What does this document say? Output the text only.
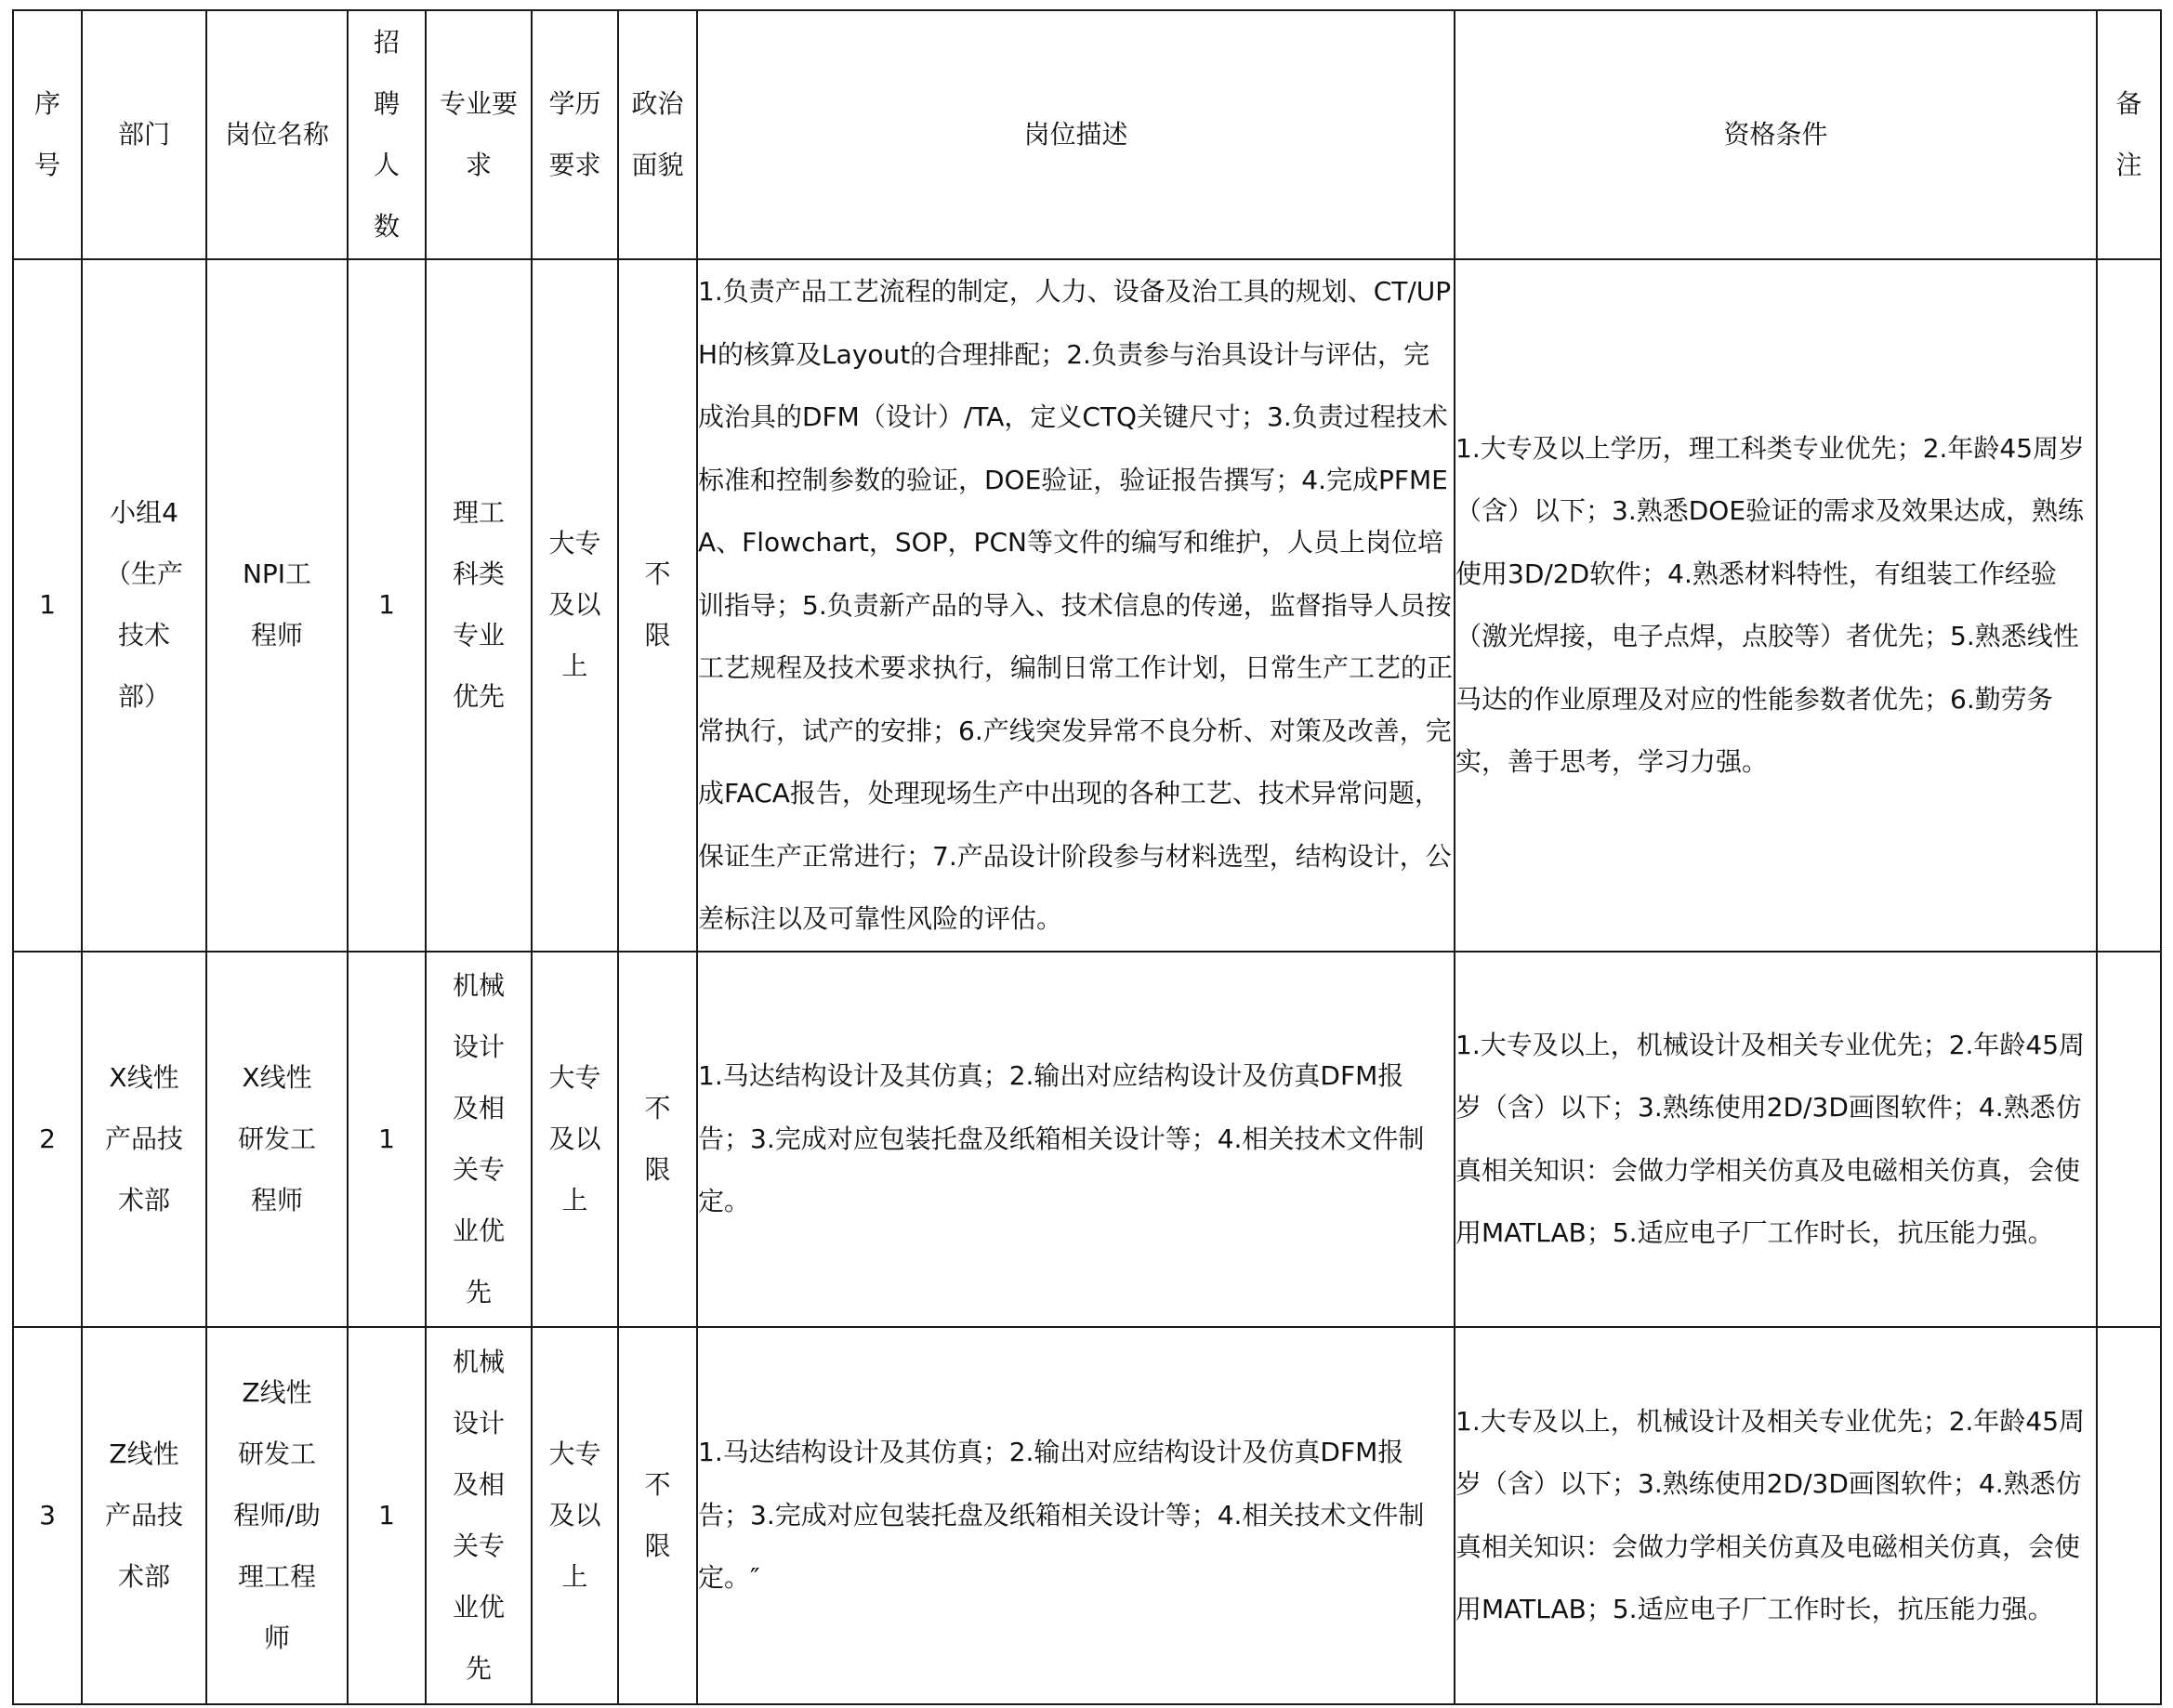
序号	部门	岗位名称	招聘人数	专业要求	学历要求	政治面貌	岗位描述	资格条件	备注

1	小组4（生产技术部）	NPI工程师	1	理工科类专业优先	大专及以上	不限	1.负责产品工艺流程的制定，人力、设备及治工具的规划、CT/UPH的核算及Layout的合理排配；2.负责参与治具设计与评估，完成治具的DFM（设计）/TA，定义CTQ关键尺寸；3.负责过程技术标准和控制参数的验证，DOE验证，验证报告撰写；4.完成PFMEA、Flowchart，SOP，PCN等文件的编写和维护，人员上岗位培训指导；5.负责新产品的导入、技术信息的传递，监督指导人员按工艺规程及技术要求执行，编制日常工作计划，日常生产工艺的正常执行，试产的安排；6.产线突发异常不良分析、对策及改善，完成FACA报告，处理现场生产中出现的各种工艺、技术异常问题，保证生产正常进行；7.产品设计阶段参与材料选型，结构设计，公差标注以及可靠性风险的评估。	1.大专及以上学历，理工科类专业优先；2.年龄45周岁（含）以下；3.熟悉DOE验证的需求及效果达成，熟练使用3D/2D软件；4.熟悉材料特性，有组装工作经验（激光焊接，电子点焊，点胶等）者优先；5.熟悉线性马达的作业原理及对应的性能参数者优先；6.勤劳务实，善于思考，学习力强。	
2	X线性产品技术部	X线性研发工程师	1	机械设计及相关专业优先	大专及以上	不限	1.马达结构设计及其仿真；2.输出对应结构设计及仿真DFM报告；3.完成对应包装托盘及纸箱相关设计等；4.相关技术文件制定。	1.大专及以上，机械设计及相关专业优先；2.年龄45周岁（含）以下；3.熟练使用2D/3D画图软件；4.熟悉仿真相关知识：会做力学相关仿真及电磁相关仿真，会使用MATLAB；5.适应电子厂工作时长，抗压能力强。	
3	Z线性产品技术部	Z线性研发工程师/助理工程师	1	机械设计及相关专业优先	大专及以上	不限	1.马达结构设计及其仿真；2.输出对应结构设计及仿真DFM报告；3.完成对应包装托盘及纸箱相关设计等；4.相关技术文件制定。″	1.大专及以上，机械设计及相关专业优先；2.年龄45周岁（含）以下；3.熟练使用2D/3D画图软件；4.熟悉仿真相关知识：会做力学相关仿真及电磁相关仿真，会使用MATLAB；5.适应电子厂工作时长，抗压能力强。	
